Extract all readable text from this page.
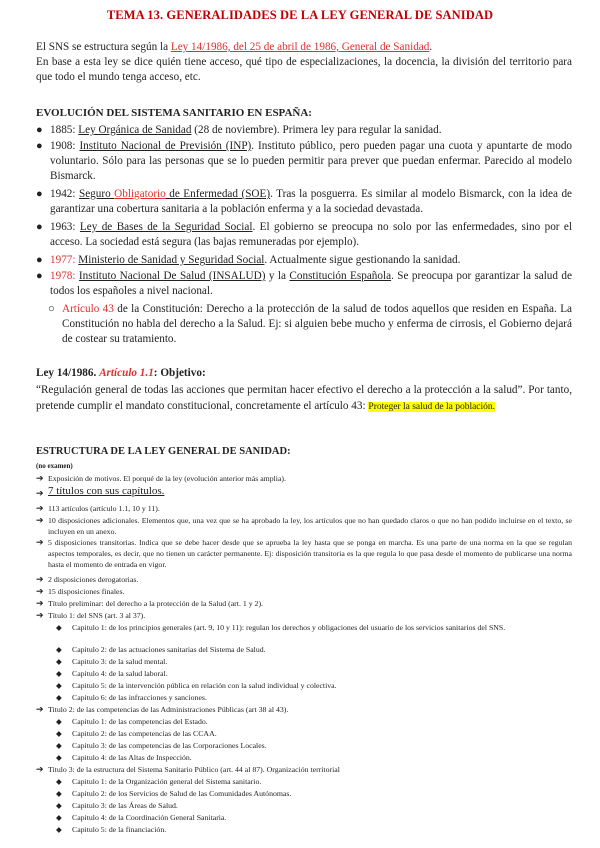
TEMA 13. GENERALIDADES DE LA LEY GENERAL DE SANIDAD
El SNS se estructura según la Ley 14/1986, del 25 de abril de 1986, General de Sanidad.

En base a esta ley se dice quién tiene acceso, qué tipo de especializaciones, la docencia, la división del territorio para que todo el mundo tenga acceso, etc.
EVOLUCIÓN DEL SISTEMA SANITARIO EN ESPAÑA:
● 1885: Ley Orgánica de Sanidad (28 de noviembre). Primera ley para regular la sanidad.
● 1908: Instituto Nacional de Previsión (INP). Instituto público, pero pueden pagar una cuota y apuntarte de modo voluntario. Sólo para las personas que se lo pueden permitir para prever que puedan enfermar. Parecido al modelo Bismarck.
● 1942: Seguro Obligatorio de Enfermedad (SOE). Tras la posguerra. Es similar al modelo Bismarck, con la idea de garantizar una cobertura sanitaria a la población enferma y a la sociedad devastada.
● 1963: Ley de Bases de la Seguridad Social. El gobierno se preocupa no solo por las enfermedades, sino por el acceso. La sociedad está segura (las bajas remuneradas por ejemplo).
● 1977: Ministerio de Sanidad y Seguridad Social. Actualmente sigue gestionando la sanidad.
● 1978: Instituto Nacional De Salud (INSALUD) y la Constitución Española. Se preocupa por garantizar la salud de todos los españoles a nivel nacional.
○ Artículo 43 de la Constitución: Derecho a la protección de la salud de todos aquellos que residen en España. La Constitución no habla del derecho a la Salud. Ej: si alguien bebe mucho y enferma de cirrosis, el Gobierno dejará de costear su tratamiento.
Ley 14/1986. Artículo 1.1: Objetivo:
“Regulación general de todas las acciones que permitan hacer efectivo el derecho a la protección a la salud”. Por tanto, pretende cumplir el mandato constitucional, concretamente el artículo 43: Proteger la salud de la población.
ESTRUCTURA DE LA LEY GENERAL DE SANIDAD:
(no examen)
➔ Exposición de motivos. El porqué de la ley (evolución anterior más amplia).
➔ 7 títulos con sus capítulos.
➔ 113 artículos (artículo 1.1, 10 y 11).
➔ 10 disposiciones adicionales. Elementos que, una vez que se ha aprobado la ley, los artículos que no han quedado claros o que no han podido incluirse en el texto, se incluyen en un anexo.
➔ 5 disposiciones transitorias. Indica que se debe hacer desde que se aprueba la ley hasta que se ponga en marcha. Es una parte de una norma en la que se regulan aspectos temporales, es decir, que no tienen un carácter permanente. Ej: disposición transitoria es la que regula lo que pasa desde el momento de publicarse una norma hasta el momento de entrada en vigor.
➔ 2 disposiciones derogatorias.
➔ 15 disposiciones finales.
➔ Título preliminar: del derecho a la protección de la Salud (art. 1 y 2).
➔ Título 1: del SNS (art. 3 al 37).
◆ Capitulo 1: de los principios generales (art. 9, 10 y 11): regulan los derechos y obligaciones del usuario de los servicios sanitarios del SNS.
◆ Capitulo 2: de las actuaciones sanitarias del Sistema de Salud.
◆ Capitulo 3: de la salud mental.
◆ Capitulo 4: de la salud laboral.
◆ Capitulo 5: de la intervención pública en relación con la salud individual y colectiva.
◆ Capitulo 6: de las infracciones y sanciones.
➔ Titulo 2: de las competencias de las Administraciones Públicas (art 38 al 43).
◆ Capitulo 1: de las competencias del Estado.
◆ Capitulo 2: de las competencias de las CCAA.
◆ Capitulo 3: de las competencias de las Corporaciones Locales.
◆ Capitulo 4: de las Altas de Inspección.
➔ Titulo 3: de la estructura del Sistema Sanitario Público (art. 44 al 87). Organización territorial
◆ Capitulo 1: de la Organización general del Sistema sanitario.
◆ Capitulo 2: de los Servicios de Salud de las Comunidades Autónomas.
◆ Capitulo 3: de las Áreas de Salud.
◆ Capitulo 4: de la Coordinación General Sanitaria.
◆ Capitulo 5: de la financiación.
